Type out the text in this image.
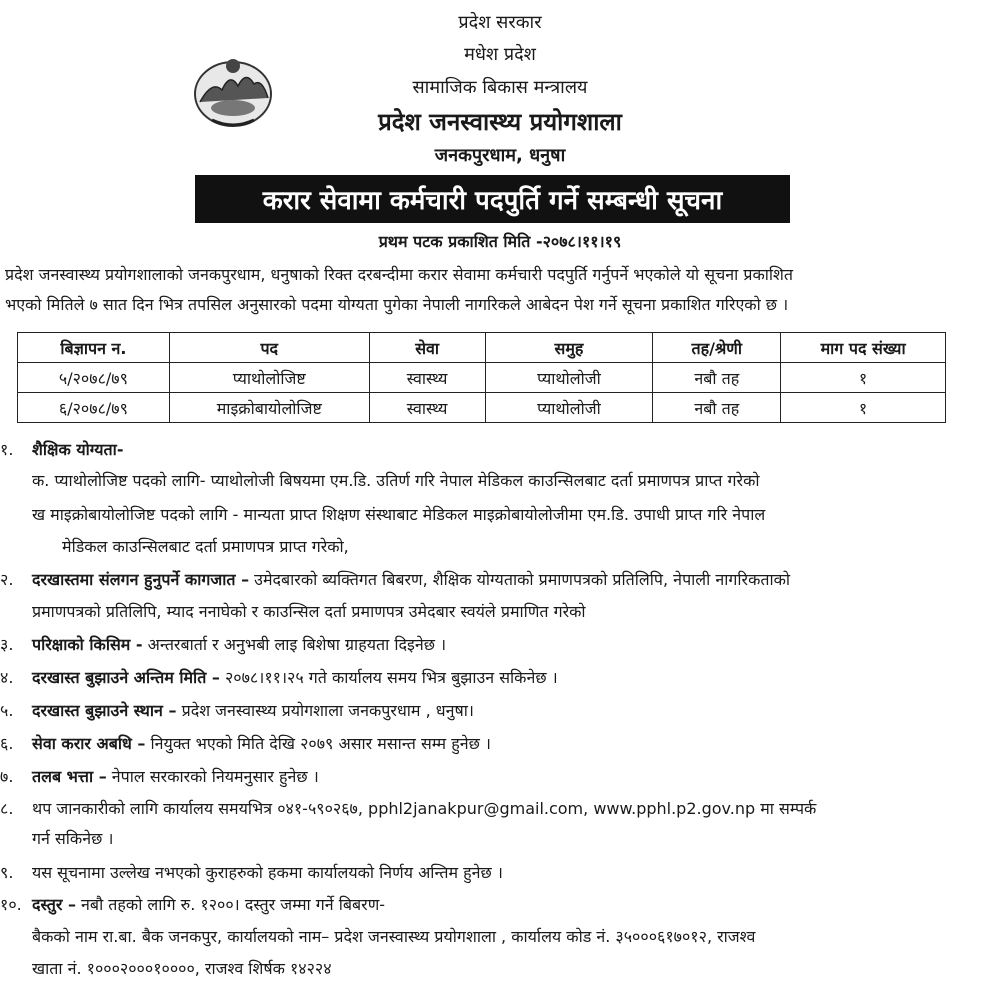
प्रदेश सरकार
मधेश प्रदेश
सामाजिक बिकास मन्त्रालय
प्रदेश जनस्वास्थ्य प्रयोगशाला
जनकपुरधाम, धनुषा
करार सेवामा कर्मचारी पदपुर्ति गर्ने सम्बन्धी सूचना
प्रथम पटक प्रकाशित मिति -२०७८।११।१९
प्रदेश जनस्वास्थ्य प्रयोगशालाको जनकपुरधाम, धनुषाको रिक्त दरबन्दीमा करार सेवामा कर्मचारी पदपुर्ति गर्नुपर्ने भएकोले यो सूचना प्रकाशित
भएको मितिले ७ सात दिन भित्र तपसिल अनुसारको पदमा योग्यता पुगेका नेपाली नागरिकले आबेदन पेश गर्ने सूचना प्रकाशित गरिएको छ ।
बिज्ञापन न.	पद	सेवा	समुह	तह/श्रेणी	माग पद संख्या
५/२०७८/७९	प्याथोलोजिष्ट	स्वास्थ्य	प्याथोलोजी	नबौ तह	१
६/२०७८/७९	माइक्रोबायोलोजिष्ट	स्वास्थ्य	प्याथोलोजी	नबौ तह	१
१. शैक्षिक योग्यता-
क. प्याथोलोजिष्ट पदको लागि- प्याथोलोजी बिषयमा एम.डि. उतिर्ण गरि नेपाल मेडिकल काउन्सिलबाट दर्ता प्रमाणपत्र प्राप्त गरेको
ख माइक्रोबायोलोजिष्ट पदको लागि - मान्यता प्राप्त शिक्षण संस्थाबाट मेडिकल माइक्रोबायोलोजीमा एम.डि. उपाधी प्राप्त गरि नेपाल
मेडिकल काउन्सिलबाट दर्ता प्रमाणपत्र प्राप्त गरेको,
२. दरखास्तमा संलगन हुनुपर्ने कागजात – उमेदबारको ब्यक्तिगत बिबरण, शैक्षिक योग्यताको प्रमाणपत्रको प्रतिलिपि, नेपाली नागरिकताको
प्रमाणपत्रको प्रतिलिपि, म्याद ननाघेको र काउन्सिल दर्ता प्रमाणपत्र उमेदबार स्वयंले प्रमाणित गरेको
३. परिक्षाको किसिम - अन्तरबार्ता र अनुभबी लाइ बिशेषा ग्राहयता दिइनेछ ।
४. दरखास्त बुझाउने अन्तिम मिति – २०७८।११।२५ गते कार्यालय समय भित्र बुझाउन सकिनेछ ।
५. दरखास्त बुझाउने स्थान – प्रदेश जनस्वास्थ्य प्रयोगशाला जनकपुरधाम , धनुषा।
६. सेवा करार अबधि – नियुक्त भएको मिति देखि २०७९ असार मसान्त सम्म हुनेछ ।
७. तलब भत्ता – नेपाल सरकारको नियमनुसार हुनेछ ।
८. थप जानकारीको लागि कार्यालय समयभित्र ०४१-५९०२६७, pphl2janakpur@gmail.com, www.pphl.p2.gov.np मा सम्पर्क
गर्न सकिनेछ ।
९. यस सूचनामा उल्लेख नभएको कुराहरुको हकमा कार्यालयको निर्णय अन्तिम हुनेछ ।
१०. दस्तुर – नबौ तहको लागि रु. १२००। दस्तुर जम्मा गर्ने बिबरण-
बैकको नाम रा.बा. बैक जनकपुर, कार्यालयको नाम– प्रदेश जनस्वास्थ्य प्रयोगशाला , कार्यालय कोड नं. ३५०००६१७०१२, राजश्व
खाता नं. १०००२०००१००००, राजश्व शिर्षक १४२२४
